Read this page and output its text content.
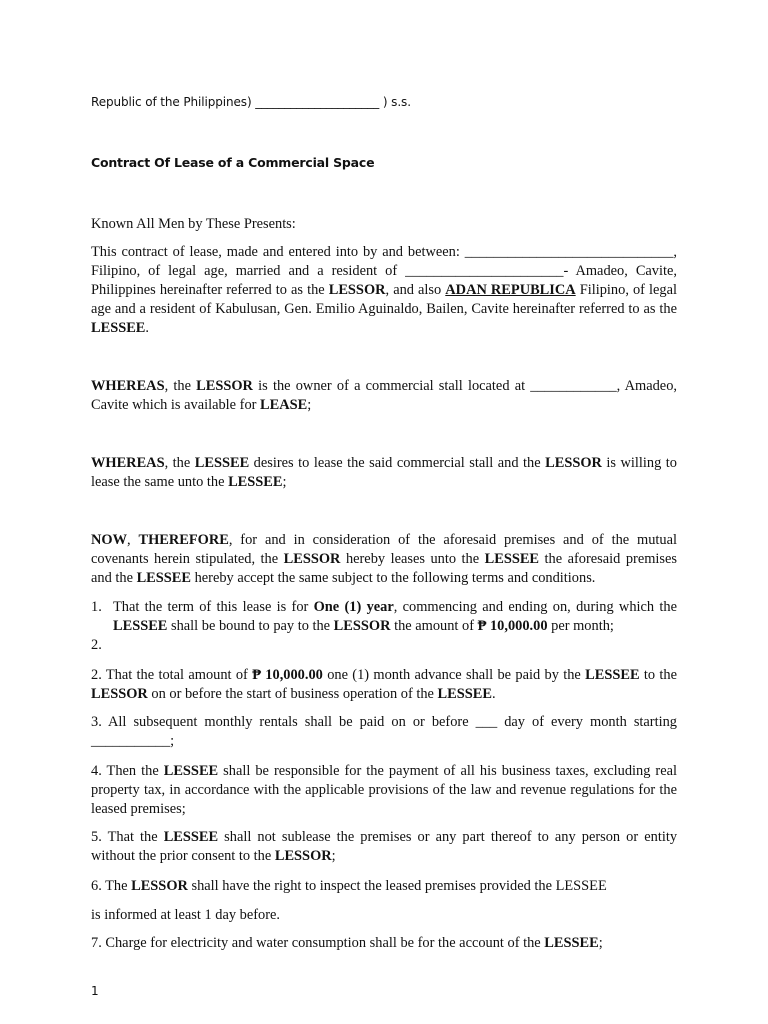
Republic of the Philippines) _____________________ ) s.s.

Contract Of Lease of a Commercial Space

Known All Men by These Presents:

This contract of lease, made and entered into by and between: _____________________________, Filipino, of legal age, married and a resident of ______________________- Amadeo, Cavite, Philippines hereinafter referred to as the LESSOR, and also ADAN REPUBLICA Filipino, of legal age and a resident of Kabulusan, Gen. Emilio Aguinaldo, Bailen, Cavite hereinafter referred to as the LESSEE.

WHEREAS, the LESSOR is the owner of a commercial stall located at ____________, Amadeo, Cavite which is available for LEASE;

WHEREAS, the LESSEE desires to lease the said commercial stall and the LESSOR is willing to lease the same unto the LESSEE;

NOW, THEREFORE, for and in consideration of the aforesaid premises and of the mutual covenants herein stipulated, the LESSOR hereby leases unto the LESSEE the aforesaid premises and the LESSEE hereby accept the same subject to the following terms and conditions.

1. That the term of this lease is for One (1) year, commencing and ending on, during which the LESSEE shall be bound to pay to the LESSOR the amount of ₱ 10,000.00 per month;

2.

2. That the total amount of ₱ 10,000.00 one (1) month advance shall be paid by the LESSEE to the LESSOR on or before the start of business operation of the LESSEE.

3. All subsequent monthly rentals shall be paid on or before ___ day of every month starting ___________;

4. Then the LESSEE shall be responsible for the payment of all his business taxes, excluding real property tax, in accordance with the applicable provisions of the law and revenue regulations for the leased premises;

5. That the LESSEE shall not sublease the premises or any part thereof to any person or entity without the prior consent to the LESSOR;

6. The LESSOR shall have the right to inspect the leased premises provided the LESSEE

is informed at least 1 day before.

7. Charge for electricity and water consumption shall be for the account of the LESSEE;

1
